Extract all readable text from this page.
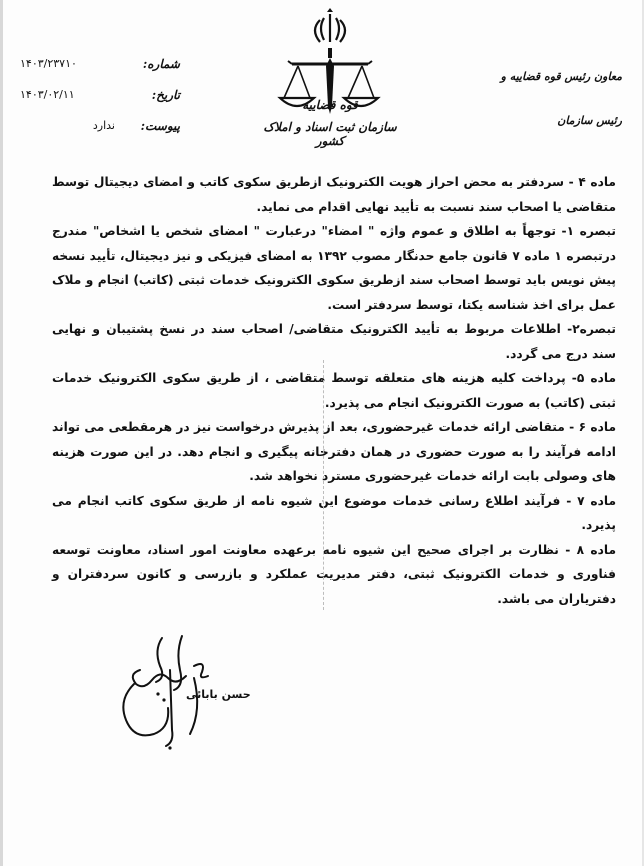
شماره:
۱۴۰۳/۲۳۷۱۰
تاریخ:
۱۴۰۳/۰۲/۱۱
پیوست:
ندارد
قوه قضاییه
سازمان ثبت اسناد و املاک کشور
معاون رئیس قوه قضاییه و
رئیس سازمان

ماده ۴ - سردفتر به محض احراز هویت الکترونیک ازطریق سکوی کاتب و امضای دیجیتال توسط متقاضی یا اصحاب سند نسبت به تأیید نهایی اقدام می نماید.

تبصره ۱- توجهاً به اطلاق و عموم واژه " امضاء" درعبارت " امضای شخص یا اشخاص" مندرج درتبصره ۱ ماده ۷ قانون جامع حدنگار مصوب ۱۳۹۲ به امضای فیزیکی و نیز دیجیتال، تأیید نسخه پیش نویس باید توسط اصحاب سند ازطریق سکوی الکترونیک خدمات ثبتی (کاتب) انجام و ملاک عمل برای اخذ شناسه یکتا، توسط سردفتر است.

تبصره۲- اطلاعات مربوط به تأیید الکترونیک متقاضی/ اصحاب سند در نسخ پشتیبان و نهایی سند درج می گردد.

ماده ۵- پرداخت کلیه هزینه های متعلقه توسط متقاضی ، از طریق سکوی الکترونیک خدمات ثبتی (کاتب) به صورت الکترونیک انجام می پذیرد.

ماده ۶ - متقاضی ارائه خدمات غیرحضوری، بعد از پذیرش درخواست نیز در هرمقطعی می تواند ادامه فرآیند را به صورت حضوری در همان دفترخانه پیگیری و انجام دهد. در این صورت هزینه های وصولی بابت ارائه خدمات غیرحضوری مسترد نخواهد شد.

ماده ۷ - فرآیند اطلاع رسانی خدمات موضوع این شیوه نامه از طریق سکوی کاتب انجام می پذیرد.

ماده ۸ - نظارت بر اجرای صحیح این شیوه نامه برعهده معاونت امور اسناد، معاونت توسعه فناوری و خدمات الکترونیک ثبتی، دفتر مدیریت عملکرد و بازرسی و کانون سردفتران و دفتریاران می باشد.

حسن بابائی
